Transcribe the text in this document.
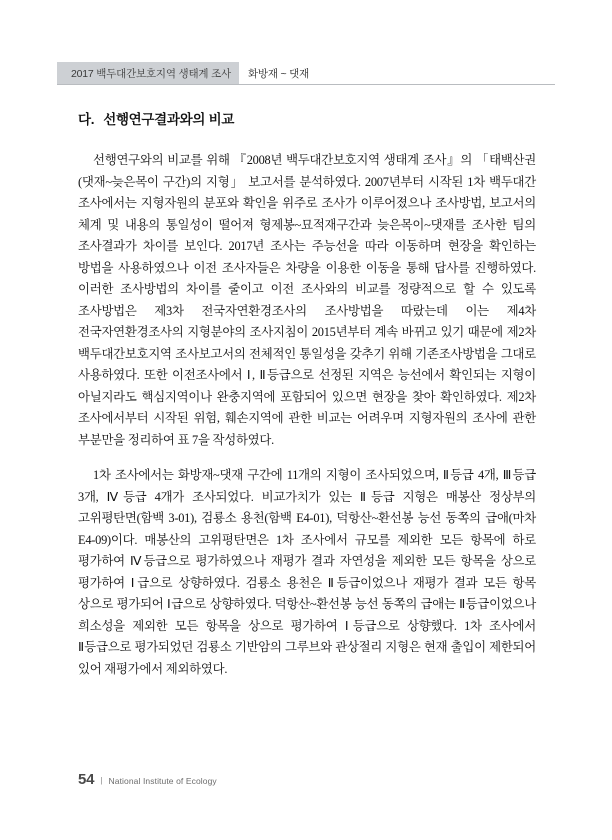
2017 백두대간보호지역 생태계 조사	화방재 ~ 댓재
다. 선행연구결과와의 비교

선행연구와의 비교를 위해 『2008년 백두대간보호지역 생태계 조사』의 「태백산권(댓재~늦은목이 구간)의 지형」 보고서를 분석하였다. 2007년부터 시작된 1차 백두대간 조사에서는 지형자원의 분포와 확인을 위주로 조사가 이루어졌으나 조사방법, 보고서의 체계 및 내용의 통일성이 떨어져 형제봉~묘적재구간과 늦은목이~댓재를 조사한 팀의 조사결과가 차이를 보인다. 2017년 조사는 주능선을 따라 이동하며 현장을 확인하는 방법을 사용하였으나 이전 조사자들은 차량을 이용한 이동을 통해 답사를 진행하였다. 이러한 조사방법의 차이를 줄이고 이전 조사와의 비교를 정량적으로 할 수 있도록 조사방법은 제3차 전국자연환경조사의 조사방법을 따랐는데 이는 제4차 전국자연환경조사의 지형분야의 조사지침이 2015년부터 계속 바뀌고 있기 때문에 제2차 백두대간보호지역 조사보고서의 전체적인 통일성을 갖추기 위해 기존조사방법을 그대로 사용하였다. 또한 이전조사에서 Ⅰ, Ⅱ등급으로 선정된 지역은 능선에서 확인되는 지형이 아닐지라도 핵심지역이나 완충지역에 포함되어 있으면 현장을 찾아 확인하였다. 제2차 조사에서부터 시작된 위험, 훼손지역에 관한 비교는 어려우며 지형자원의 조사에 관한 부분만을 정리하여 표 7을 작성하였다.

1차 조사에서는 화방재~댓재 구간에 11개의 지형이 조사되었으며, Ⅱ등급 4개, Ⅲ등급 3개, Ⅳ등급 4개가 조사되었다. 비교가치가 있는 Ⅱ등급 지형은 매봉산 정상부의 고위평탄면(함백 3-01), 검룡소 용천(함백 E4-01), 덕항산~환선봉 능선 동쪽의 급애(마차 E4-09)이다. 매봉산의 고위평탄면은 1차 조사에서 규모를 제외한 모든 항목에 하로 평가하여 Ⅳ등급으로 평가하였으나 재평가 결과 자연성을 제외한 모든 항목을 상으로 평가하여 Ⅰ급으로 상향하였다. 검룡소 용천은 Ⅱ등급이었으나 재평가 결과 모든 항목 상으로 평가되어 Ⅰ급으로 상향하였다. 덕항산~환선봉 능선 동쪽의 급애는 Ⅱ등급이었으나 희소성을 제외한 모든 항목을 상으로 평가하여 Ⅰ등급으로 상향했다. 1차 조사에서 Ⅱ등급으로 평가되었던 검룡소 기반암의 그루브와 관상절리 지형은 현재 출입이 제한되어 있어 재평가에서 제외하였다.

54 | National Institute of Ecology
